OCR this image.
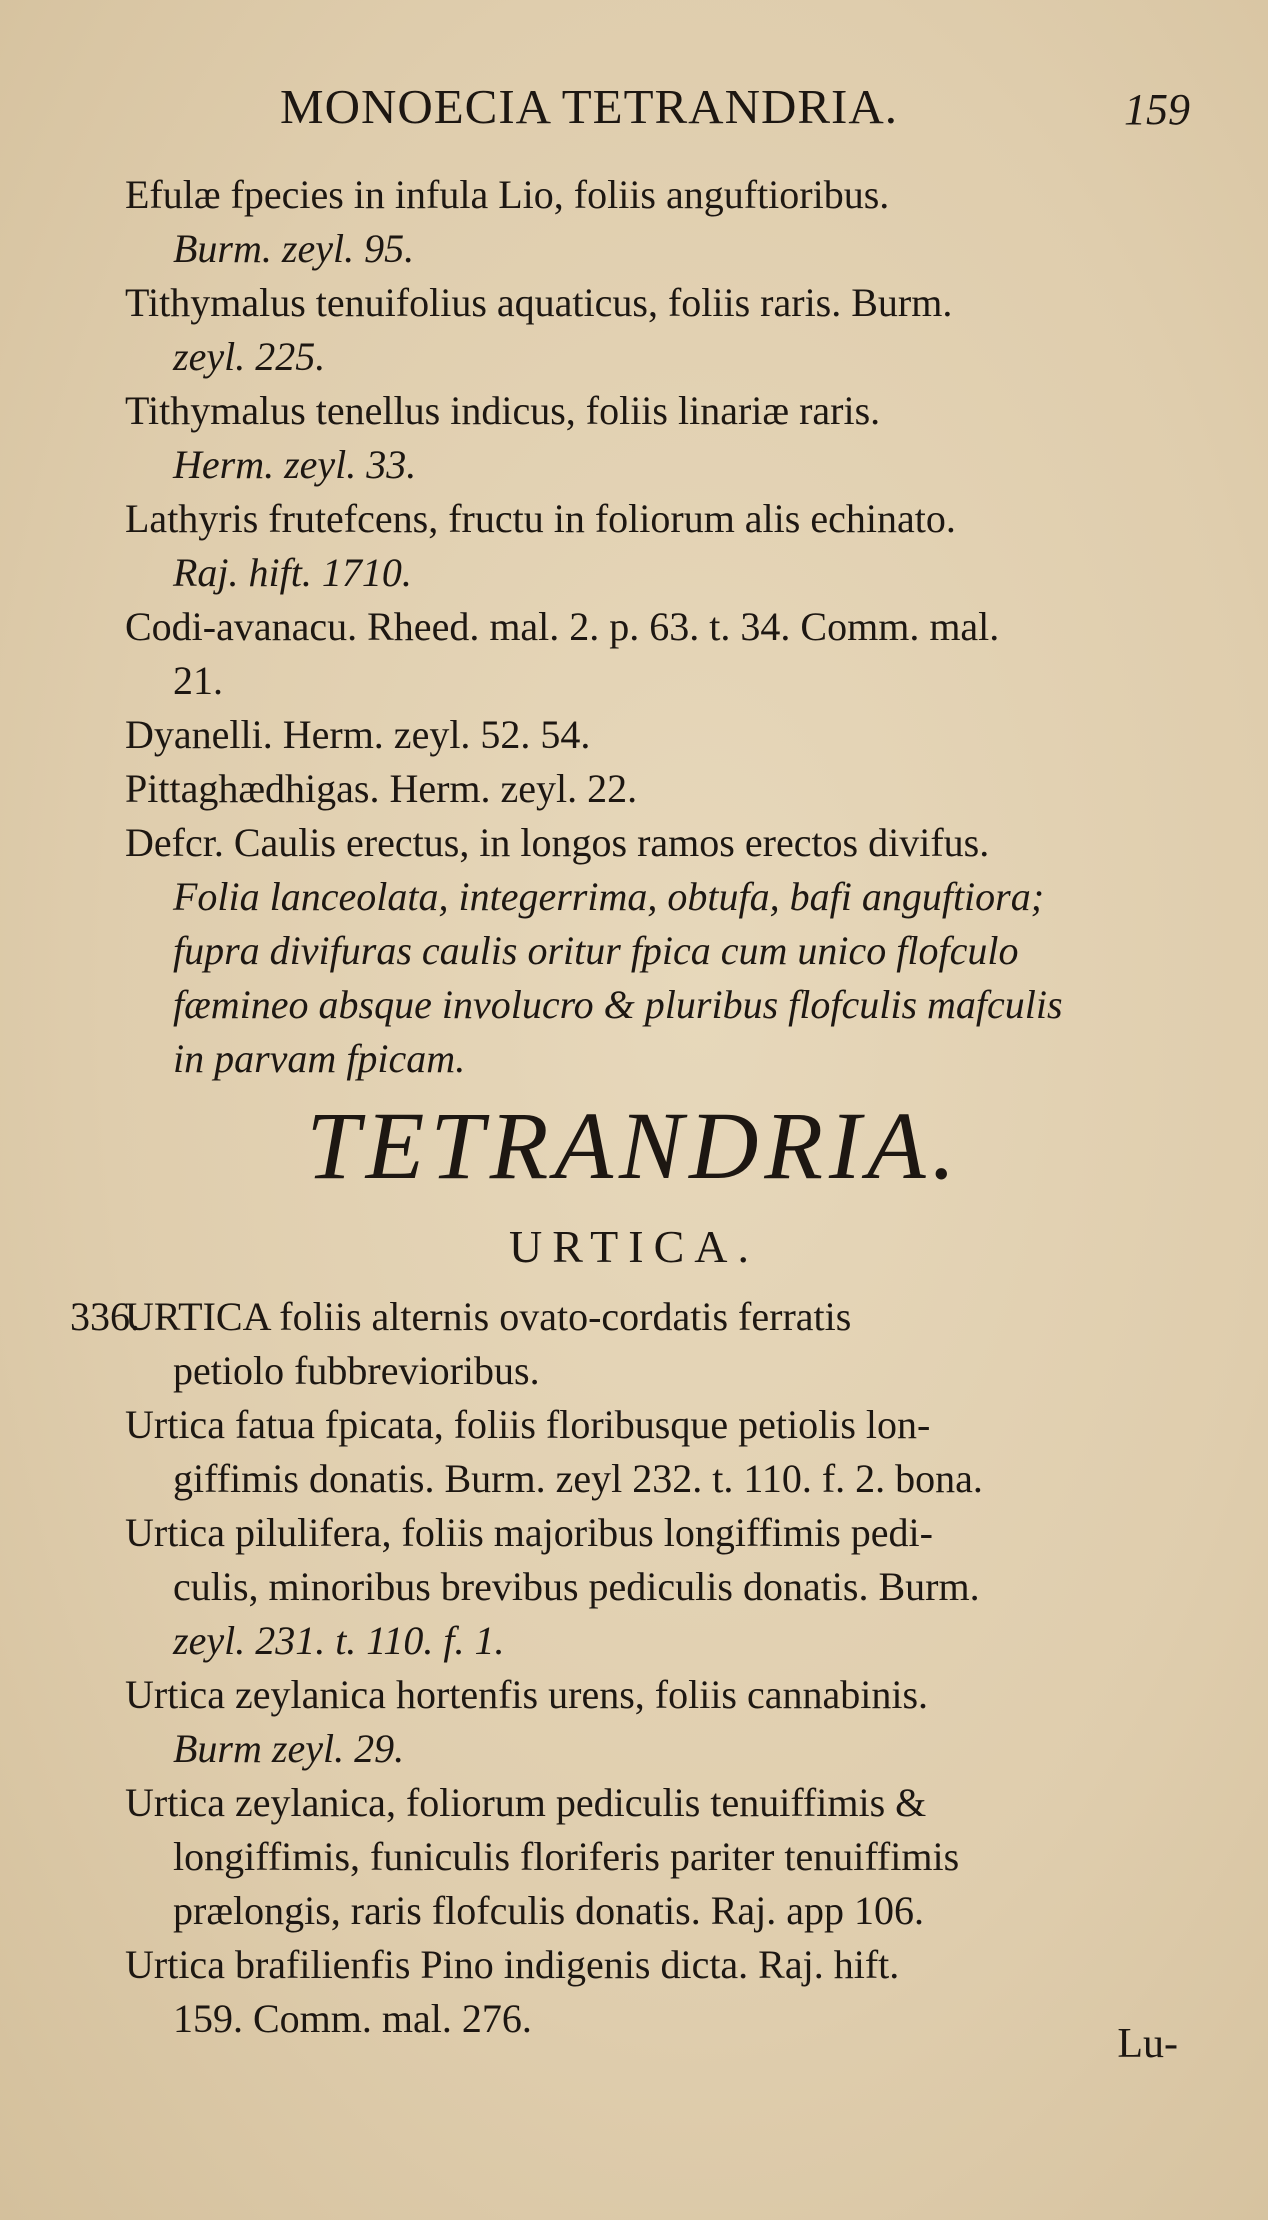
MONOECIA TETRANDRIA.	159
Efulæ fpecies in infula Lio, foliis anguftioribus.
Burm. zeyl. 95.
Tithymalus tenuifolius aquaticus, foliis raris. Burm.
zeyl. 225.
Tithymalus tenellus indicus, foliis linariæ raris.
Herm. zeyl. 33.
Lathyris frutefcens, fructu in foliorum alis echinato.
Raj. hift. 1710.
Codi-avanacu. Rheed. mal. 2. p. 63. t. 34. Comm. mal.
21.
Dyanelli. Herm. zeyl. 52. 54.
Pittaghædhigas. Herm. zeyl. 22.
Defcr. Caulis erectus, in longos ramos erectos divifus.
Folia lanceolata, integerrima, obtufa, bafi anguftiora;
fupra divifuras caulis oritur fpica cum unico flofculo
fæmineo absque involucro & pluribus flofculis mafculis
in parvam fpicam.
TETRANDRIA.
URTICA.
336.
URTICA foliis alternis ovato-cordatis ferratis
petiolo fubbrevioribus.
Urtica fatua fpicata, foliis floribusque petiolis lon-
giffimis donatis. Burm. zeyl 232. t. 110. f. 2. bona.
Urtica pilulifera, foliis majoribus longiffimis pedi-
culis, minoribus brevibus pediculis donatis. Burm.
zeyl. 231. t. 110. f. 1.
Urtica zeylanica hortenfis urens, foliis cannabinis.
Burm zeyl. 29.
Urtica zeylanica, foliorum pediculis tenuiffimis &
longiffimis, funiculis floriferis pariter tenuiffimis
prælongis, raris flofculis donatis. Raj. app 106.
Urtica brafilienfis Pino indigenis dicta. Raj. hift.
159. Comm. mal. 276.
Lu-
